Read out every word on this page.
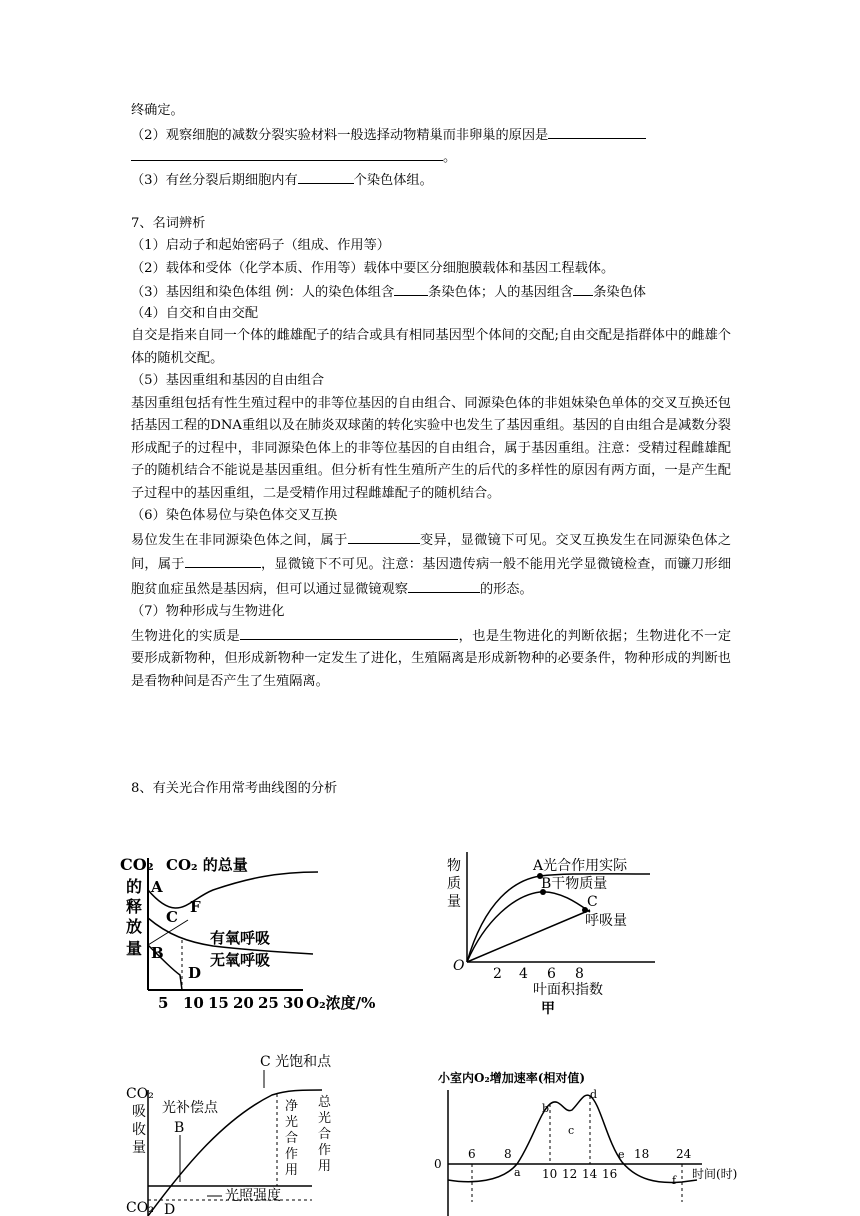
终确定。
（2）观察细胞的减数分裂实验材料一般选择动物精巢而非卵巢的原因是
。
（3）有丝分裂后期细胞内有	个染色体组。
7、名词辨析
（1）启动子和起始密码子（组成、作用等）
（2）载体和受体（化学本质、作用等）载体中要区分细胞膜载体和基因工程载体。
（3）基因组和染色体组 例：人的染色体组含	条染色体；人的基因组含 条染色体
（4）自交和自由交配
自交是指来自同一个体的雌雄配子的结合或具有相同基因型个体间的交配;自由交配是指群体中的雌雄个体的随机交配。
（5）基因重组和基因的自由组合
基因重组包括有性生殖过程中的非等位基因的自由组合、同源染色体的非姐妹染色单体的交叉互换还包括基因工程的DNA重组以及在肺炎双球菌的转化实验中也发生了基因重组。基因的自由组合是减数分裂形成配子的过程中，非同源染色体上的非等位基因的自由组合，属于基因重组。注意：受精过程雌雄配子的随机结合不能说是基因重组。但分析有性生殖所产生的后代的多样性的原因有两方面，一是产生配子过程中的基因重组，二是受精作用过程雌雄配子的随机结合。
（6）染色体易位与染色体交叉互换
易位发生在非同源染色体之间，属于	变异，显微镜下可见。交叉互换发生在同源染色体之间，属于	，显微镜下不可见。注意：基因遗传病一般不能用光学显微镜检查，而镰刀形细胞贫血症虽然是基因病，但可以通过显微镜观察	的形态。
（7）物种形成与生物进化
生物进化的实质是	，也是生物进化的判断依据；生物进化不一定要形成新物种，但形成新物种一定发生了进化，生殖隔离是形成新物种的必要条件，物种形成的判断也是看物种间是否产生了生殖隔离。
8、有关光合作用常考曲线图的分析
CO₂
的
释
放
量
CO₂ 的总量
A
B
C
D
F
有氧呼吸
无氧呼吸
5 10 15 20 25 30 O₂浓度/%
物
质
量
O
A光合作用实际
B干物质量
C
呼吸量
2 4 6 8
叶面积指数
甲
CO₂
吸
收
量
CO₂
C 光饱和点
光补偿点
B
D
光照强度
净
光
合
作
用
总
光
合
作
用
小室内O₂增加速率(相对值)
0
6 8
10 12 14 16
18 24
时间(时)
a
b
c
d
e
f
